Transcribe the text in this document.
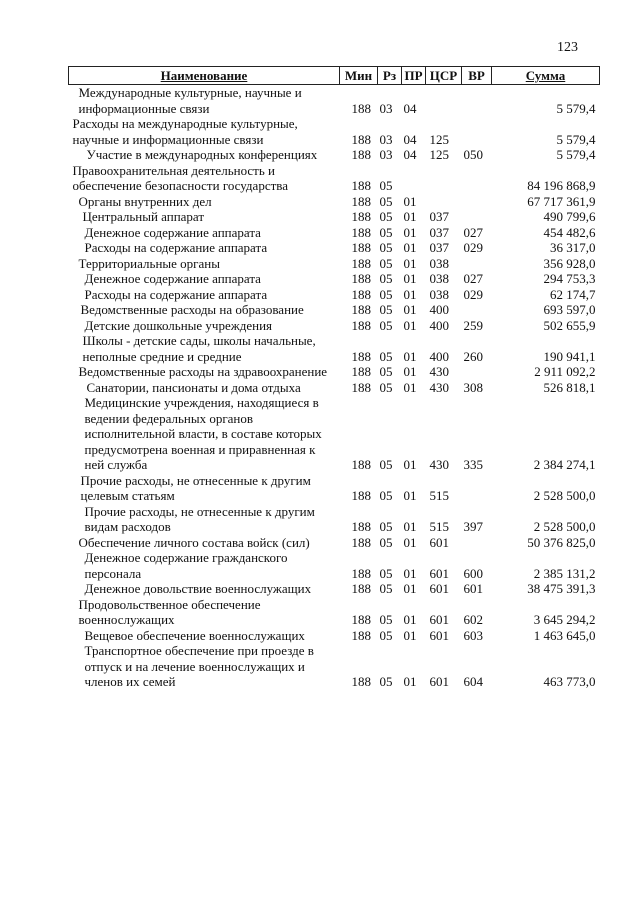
123
Наименование	Мин	Рз	ПР	ЦСР	ВР	Сумма
Международные культурные, научные и информационные связи	188	03	04			5 579,4
Расходы на международные культурные, научные и информационные связи	188	03	04	125		5 579,4
Участие в международных конференциях	188	03	04	125	050	5 579,4
Правоохранительная деятельность и обеспечение безопасности государства	188	05				84 196 868,9
Органы внутренних дел	188	05	01			67 717 361,9
Центральный аппарат	188	05	01	037		490 799,6
Денежное содержание аппарата	188	05	01	037	027	454 482,6
Расходы на содержание аппарата	188	05	01	037	029	36 317,0
Территориальные органы	188	05	01	038		356 928,0
Денежное содержание аппарата	188	05	01	038	027	294 753,3
Расходы на содержание аппарата	188	05	01	038	029	62 174,7
Ведомственные расходы на образование	188	05	01	400		693 597,0
Детские дошкольные учреждения	188	05	01	400	259	502 655,9
Школы - детские сады, школы начальные, неполные средние и средние	188	05	01	400	260	190 941,1
Ведомственные расходы на здравоохранение	188	05	01	430		2 911 092,2
Санатории, пансионаты и дома отдыха	188	05	01	430	308	526 818,1
Медицинские учреждения, находящиеся в ведении федеральных органов исполнительной власти, в составе которых предусмотрена военная и приравненная к ней служба	188	05	01	430	335	2 384 274,1
Прочие расходы, не отнесенные к другим целевым статьям	188	05	01	515		2 528 500,0
Прочие расходы, не отнесенные к другим видам расходов	188	05	01	515	397	2 528 500,0
Обеспечение личного состава войск (сил)	188	05	01	601		50 376 825,0
Денежное содержание гражданского персонала	188	05	01	601	600	2 385 131,2
Денежное довольствие военнослужащих	188	05	01	601	601	38 475 391,3
Продовольственное обеспечение военнослужащих	188	05	01	601	602	3 645 294,2
Вещевое обеспечение военнослужащих	188	05	01	601	603	1 463 645,0
Транспортное обеспечение при проезде в отпуск и на лечение военнослужащих и членов их семей	188	05	01	601	604	463 773,0
